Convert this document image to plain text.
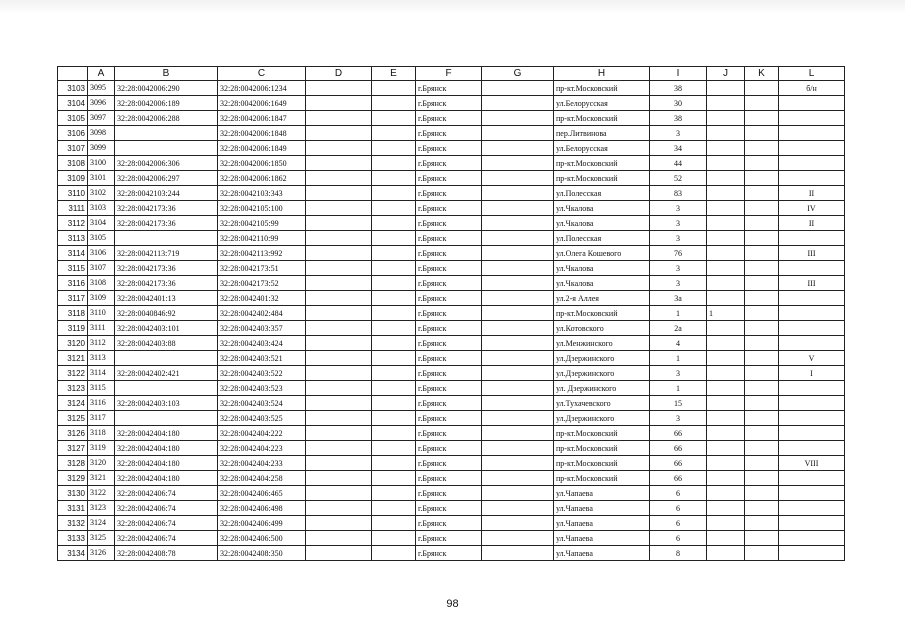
	A	B	C	D	E	F	G	H	I	J	K	L
3103	3095	32:28:0042006:290	32:28:0042006:1234			г.Брянск		пр-кт.Московский	38			б/н
3104	3096	32:28:0042006:189	32:28:0042006:1649			г.Брянск		ул.Белорусская	30			
3105	3097	32:28:0042006:288	32:28:0042006:1847			г.Брянск		пр-кт.Московский	38			
3106	3098		32:28:0042006:1848			г.Брянск		пер.Литвинова	3			
3107	3099		32:28:0042006:1849			г.Брянск		ул.Белорусская	34			
3108	3100	32:28:0042006:306	32:28:0042006:1850			г.Брянск		пр-кт.Московский	44			
3109	3101	32:28:0042006:297	32:28:0042006:1862			г.Брянск		пр-кт.Московский	52			
3110	3102	32:28:0042103:244	32:28:0042103:343			г.Брянск		ул.Полесская	83			II
3111	3103	32:28:0042173:36	32:28:0042105:100			г.Брянск		ул.Чкалова	3			IV
3112	3104	32:28:0042173:36	32:28:0042105:99			г.Брянск		ул.Чкалова	3			II
3113	3105		32:28:0042110:99			г.Брянск		ул.Полесская	3			
3114	3106	32:28:0042113:719	32:28:0042113:992			г.Брянск		ул.Олега Кошевого	76			III
3115	3107	32:28:0042173:36	32:28:0042173:51			г.Брянск		ул.Чкалова	3			
3116	3108	32:28:0042173:36	32:28:0042173:52			г.Брянск		ул.Чкалова	3			III
3117	3109	32:28:0042401:13	32:28:0042401:32			г.Брянск		ул.2-я Аллея	3а			
3118	3110	32:28:0040846:92	32:28:0042402:484			г.Брянск		пр-кт.Московский	1	1		
3119	3111	32:28:0042403:101	32:28:0042403:357			г.Брянск		ул.Котовского	2а			
3120	3112	32:28:0042403:88	32:28:0042403:424			г.Брянск		ул.Менжинского	4			
3121	3113		32:28:0042403:521			г.Брянск		ул.Дзержинского	1			V
3122	3114	32:28:0042402:421	32:28:0042403:522			г.Брянск		ул.Дзержинского	3			I
3123	3115		32:28:0042403:523			г.Брянск		ул. Дзержинского	1			
3124	3116	32:28:0042403:103	32:28:0042403:524			г.Брянск		ул.Тухачевского	15			
3125	3117		32:28:0042403:525			г.Брянск		ул.Дзержинского	3			
3126	3118	32:28:0042404:180	32:28:0042404:222			г.Брянск		пр-кт.Московский	66			
3127	3119	32:28:0042404:180	32:28:0042404:223			г.Брянск		пр-кт.Московский	66			
3128	3120	32:28:0042404:180	32:28:0042404:233			г.Брянск		пр-кт.Московский	66			VIII
3129	3121	32:28:0042404:180	32:28:0042404:258			г.Брянск		пр-кт.Московский	66			
3130	3122	32:28:0042406:74	32:28:0042406:465			г.Брянск		ул.Чапаева	6			
3131	3123	32:28:0042406:74	32:28:0042406:498			г.Брянск		ул.Чапаева	6			
3132	3124	32:28:0042406:74	32:28:0042406:499			г.Брянск		ул.Чапаева	6			
3133	3125	32:28:0042406:74	32:28:0042406:500			г.Брянск		ул.Чапаева	6			
3134	3126	32:28:0042408:78	32:28:0042408:350			г.Брянск		ул.Чапаева	8			
98
